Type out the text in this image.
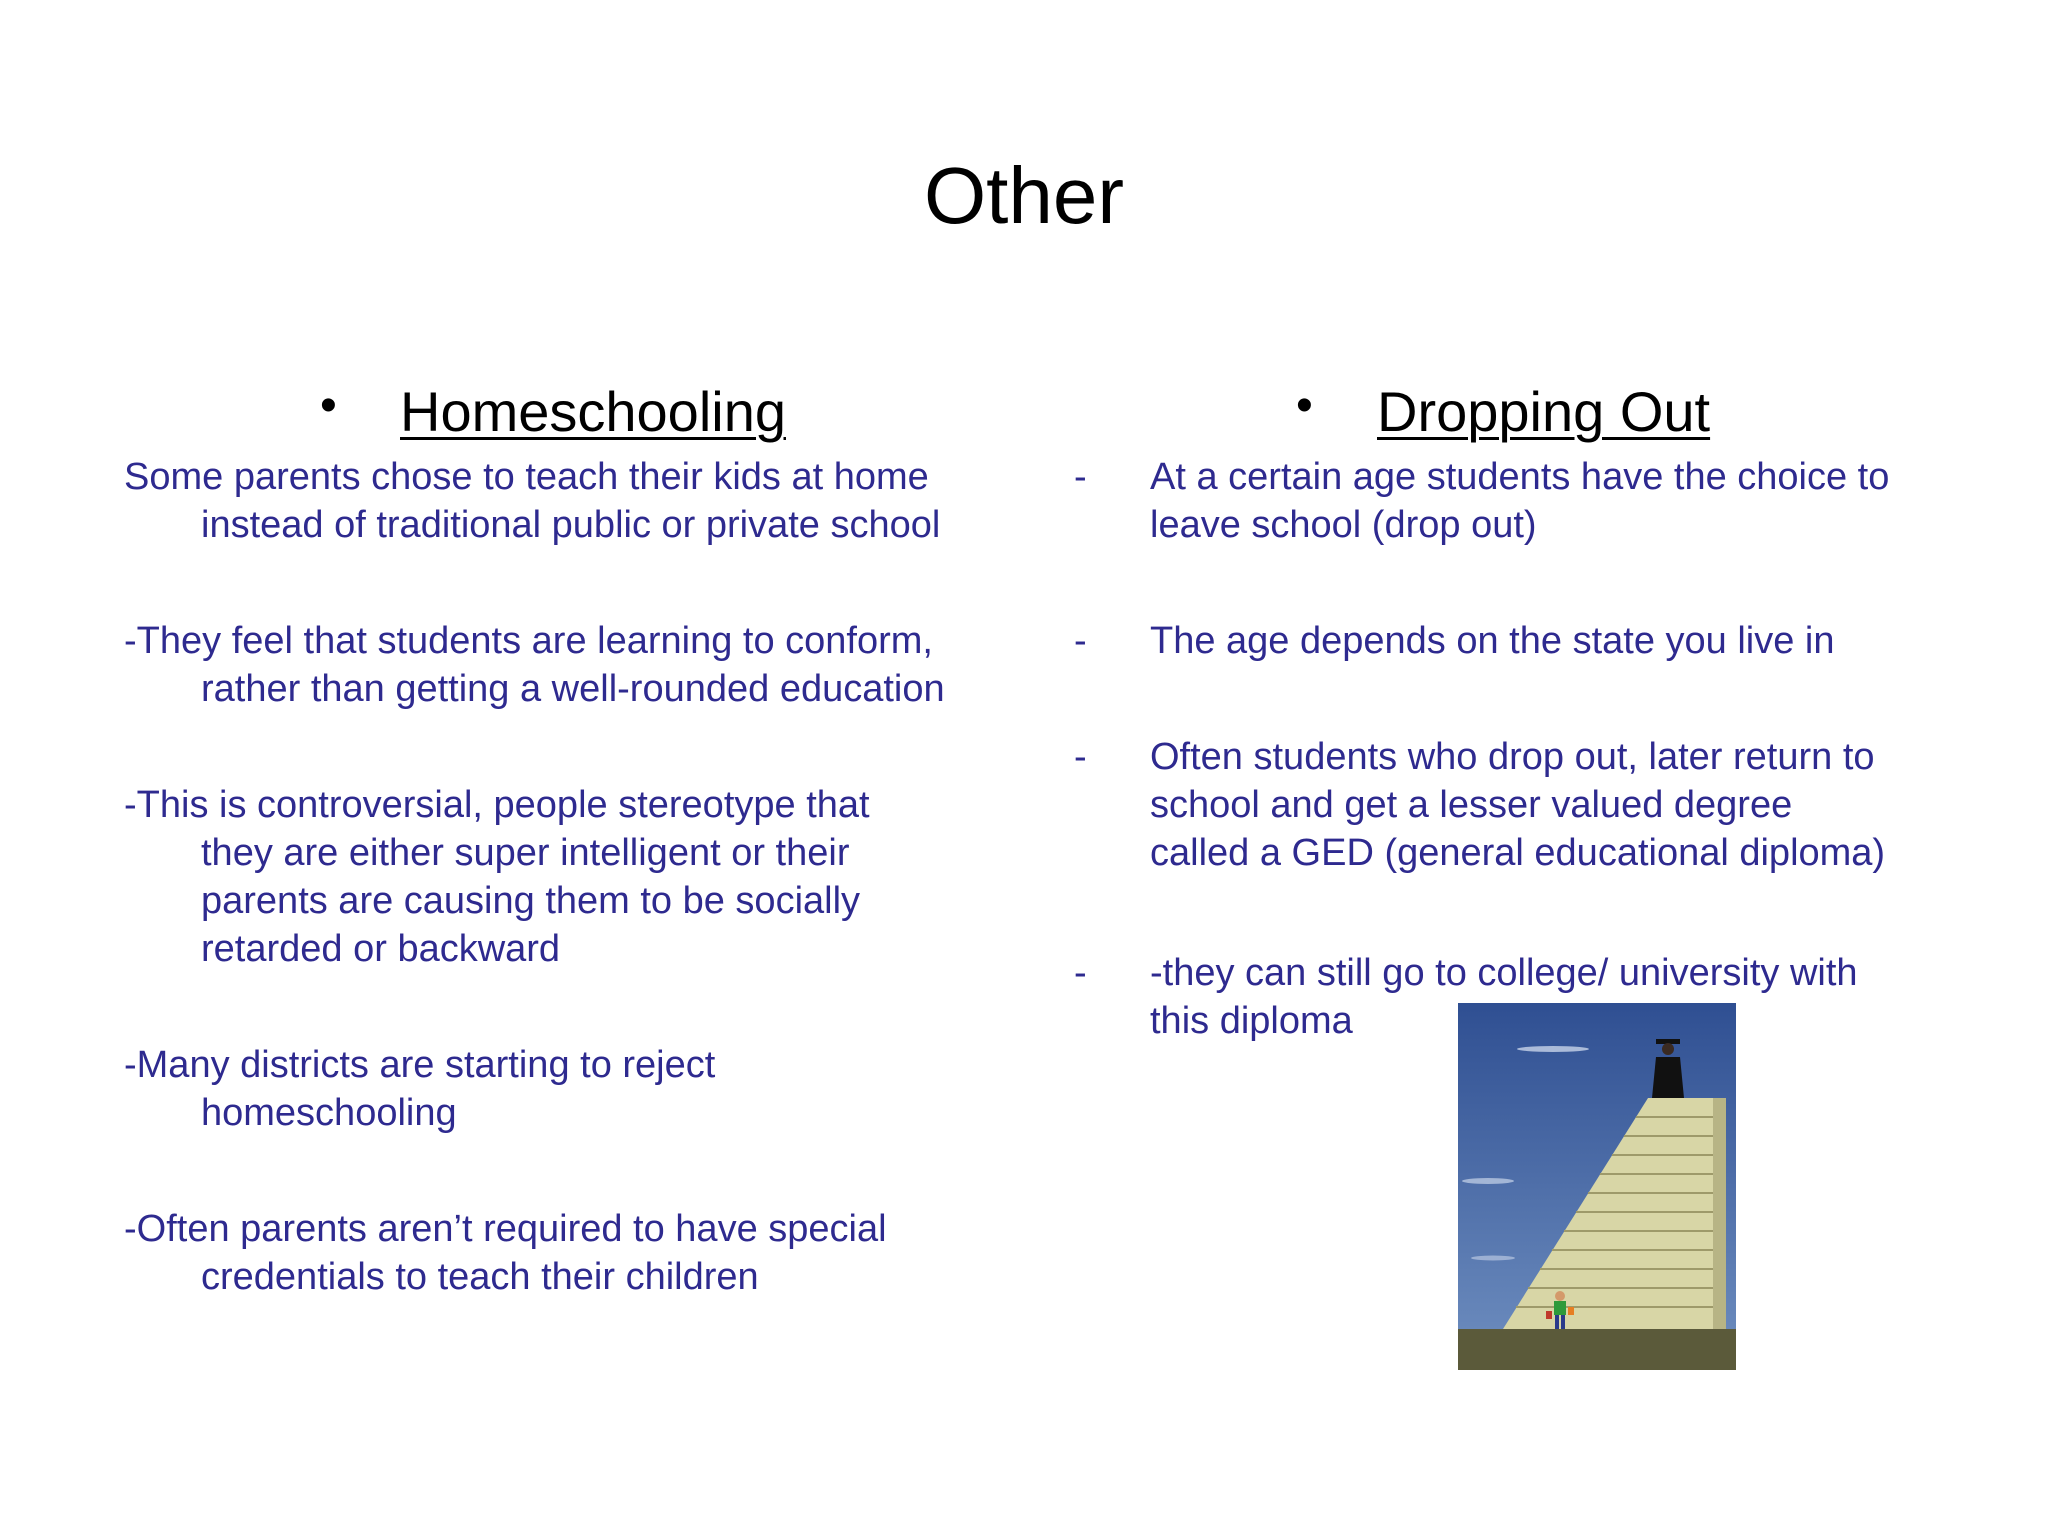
Other
• Homeschooling
Some parents chose to teach their kids at home
instead of traditional public or private school
-They feel that students are learning to conform,
rather than getting a well-rounded education
-This is controversial, people stereotype that
they are either super intelligent or their
parents are causing them to be socially
retarded or backward
-Many districts are starting to reject
homeschooling
-Often parents aren’t required to have special
credentials to teach their children
• Dropping Out
- At a certain age students have the choice to
leave school (drop out)
- The age depends on the state you live in
- Often students who drop out, later return to
school and get a lesser valued degree
called a GED (general educational diploma)
- -they can still go to college/ university with
this diploma
